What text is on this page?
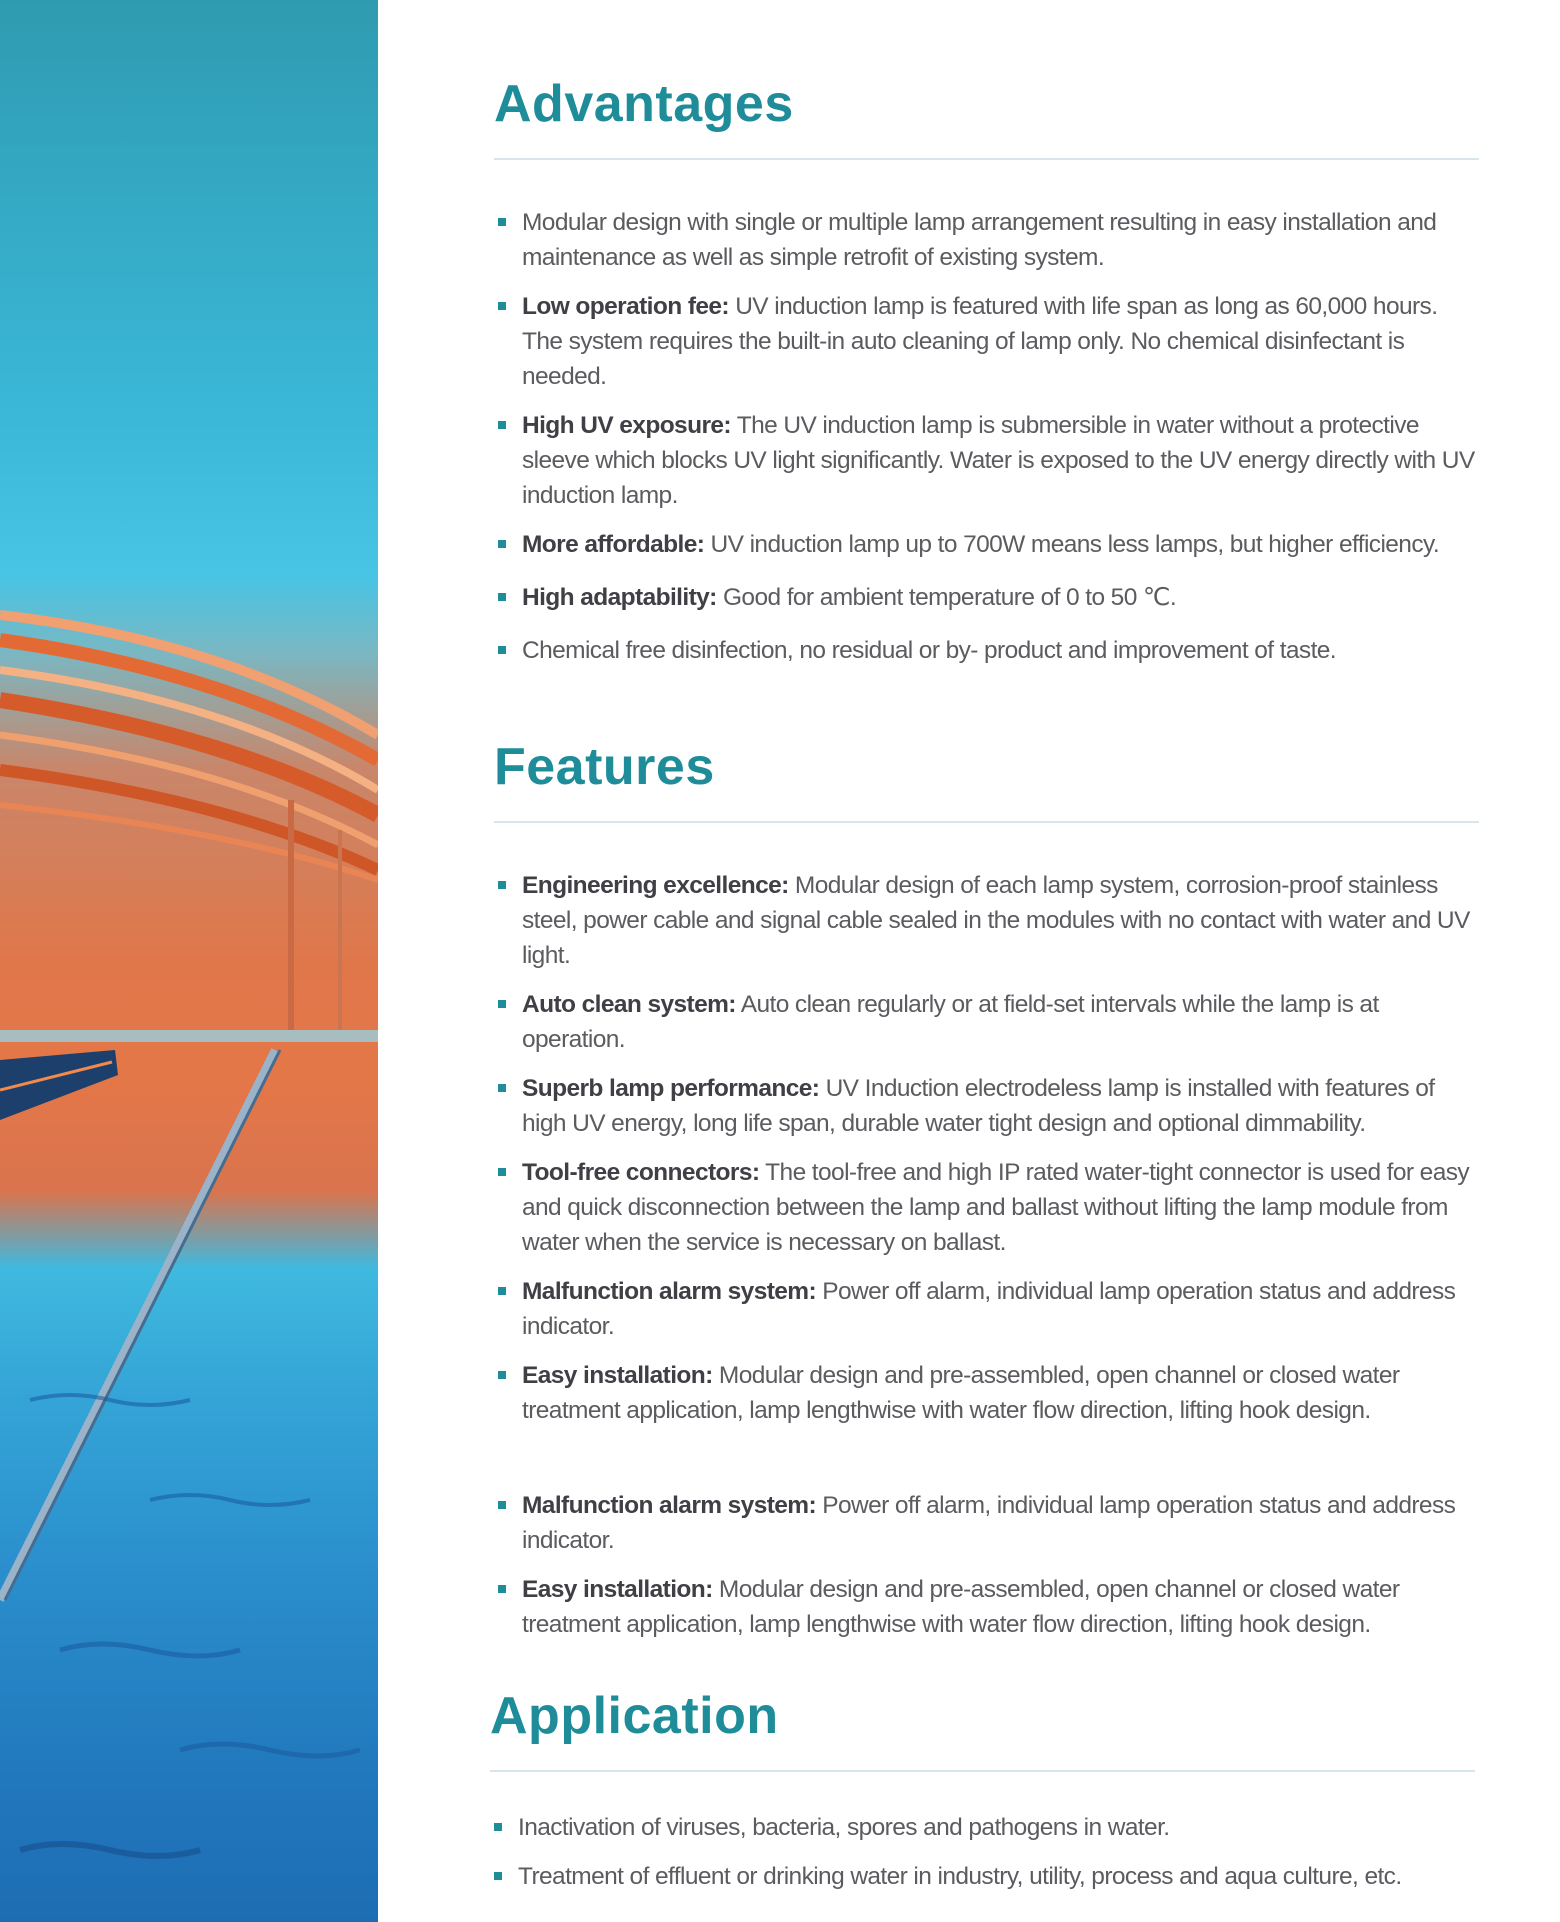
Advantages
Modular design with single or multiple lamp arrangement resulting in easy installation and maintenance as well as simple retrofit of existing system.
Low operation fee: UV induction lamp is featured with life span as long as 60,000 hours. The system requires the built-in auto cleaning of lamp only. No chemical disinfectant is needed.
High UV exposure: The UV induction lamp is submersible in water without a protective sleeve which blocks UV light significantly. Water is exposed to the UV energy directly with UV induction lamp.
More affordable: UV induction lamp up to 700W means less lamps, but higher efficiency.
High adaptability: Good for ambient temperature of 0 to 50 ℃.
Chemical free disinfection, no residual or by- product and improvement of taste.
Features
Engineering excellence: Modular design of each lamp system, corrosion-proof stainless steel, power cable and signal cable sealed in the modules with no contact with water and UV light.
Auto clean system: Auto clean regularly or at field-set intervals while the lamp is at operation.
Superb lamp performance: UV Induction electrodeless lamp is installed with features of high UV energy, long life span, durable water tight design and optional dimmability.
Tool-free connectors: The tool-free and high IP rated water-tight connector is used for easy and quick disconnection between the lamp and ballast without lifting the lamp module from water when the service is necessary on ballast.
Malfunction alarm system: Power off alarm, individual lamp operation status and address indicator.
Easy installation: Modular design and pre-assembled, open channel or closed water treatment application, lamp lengthwise with water flow direction, lifting hook design.
Malfunction alarm system: Power off alarm, individual lamp operation status and address indicator.
Easy installation: Modular design and pre-assembled, open channel or closed water treatment application, lamp lengthwise with water flow direction, lifting hook design.
Application
Inactivation of viruses, bacteria, spores and pathogens in water.
Treatment of effluent or drinking water in industry, utility, process and aqua culture, etc.
